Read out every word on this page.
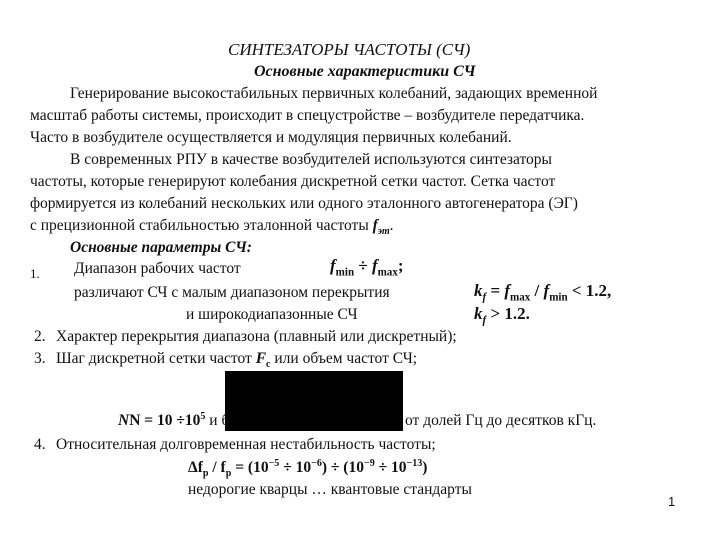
СИНТЕЗАТОРЫ ЧАСТОТЫ (СЧ)
Основные характеристики СЧ
Генерирование высокостабильных первичных колебаний, задающих временной
масштаб работы системы, происходит в спецустройстве – возбудителе передатчика.
Часто в возбудителе осуществляется и модуляция первичных колебаний.
В современных РПУ в качестве возбудителей используются синтезаторы
частоты, которые генерируют колебания дискретной сетки частот. Сетка частот
формируется из колебаний нескольких или одного эталонного автогенератора (ЭГ)
с прецизионной стабильностью эталонной частоты $f_{эт}$.
Основные параметры СЧ:
1. Диапазон рабочих частот	$f_{min} \div f_{max}$;
различают СЧ с малым диапазоном перекрытия	$k_f = f_{max} / f_{min} < 1.2$,
и широкодиапазонные СЧ	$k_f > 1.2$.
2. Характер перекрытия диапазона (плавный или дискретный);
3. Шаг дискретной сетки частот $F_c$ или объем частот СЧ;
NN = $10 \div 10^5$ и б	от долей Гц до десятков кГц.
4. Относительная долговременная нестабильность частоты;
$\Delta f_р / f_р = (10^{-5} \div 10^{-6}) \div (10^{-9} \div 10^{-13})$
недорогие кварцы … квантовые стандарты
1
